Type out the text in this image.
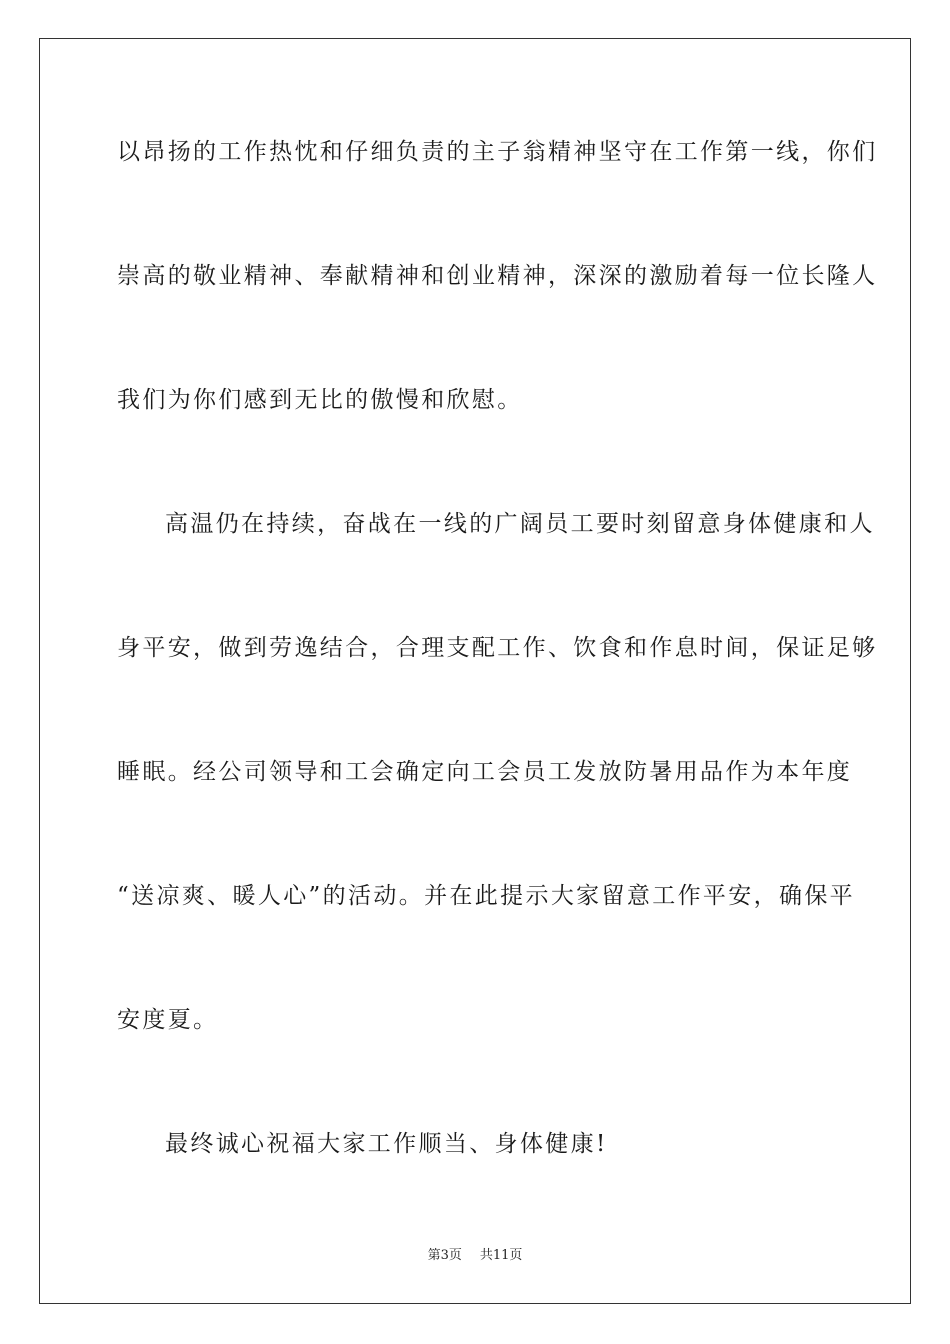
以昂扬的工作热忱和仔细负责的主子翁精神坚守在工作第一线，你们
崇高的敬业精神、奉献精神和创业精神，深深的激励着每一位长隆人
我们为你们感到无比的傲慢和欣慰。
高温仍在持续，奋战在一线的广阔员工要时刻留意身体健康和人
身平安，做到劳逸结合，合理支配工作、饮食和作息时间，保证足够
睡眠。经公司领导和工会确定向工会员工发放防暑用品作为本年度
“送凉爽、暖人心”的活动。并在此提示大家留意工作平安，确保平
安度夏。
最终诚心祝福大家工作顺当、身体健康!
第3页 共11页
